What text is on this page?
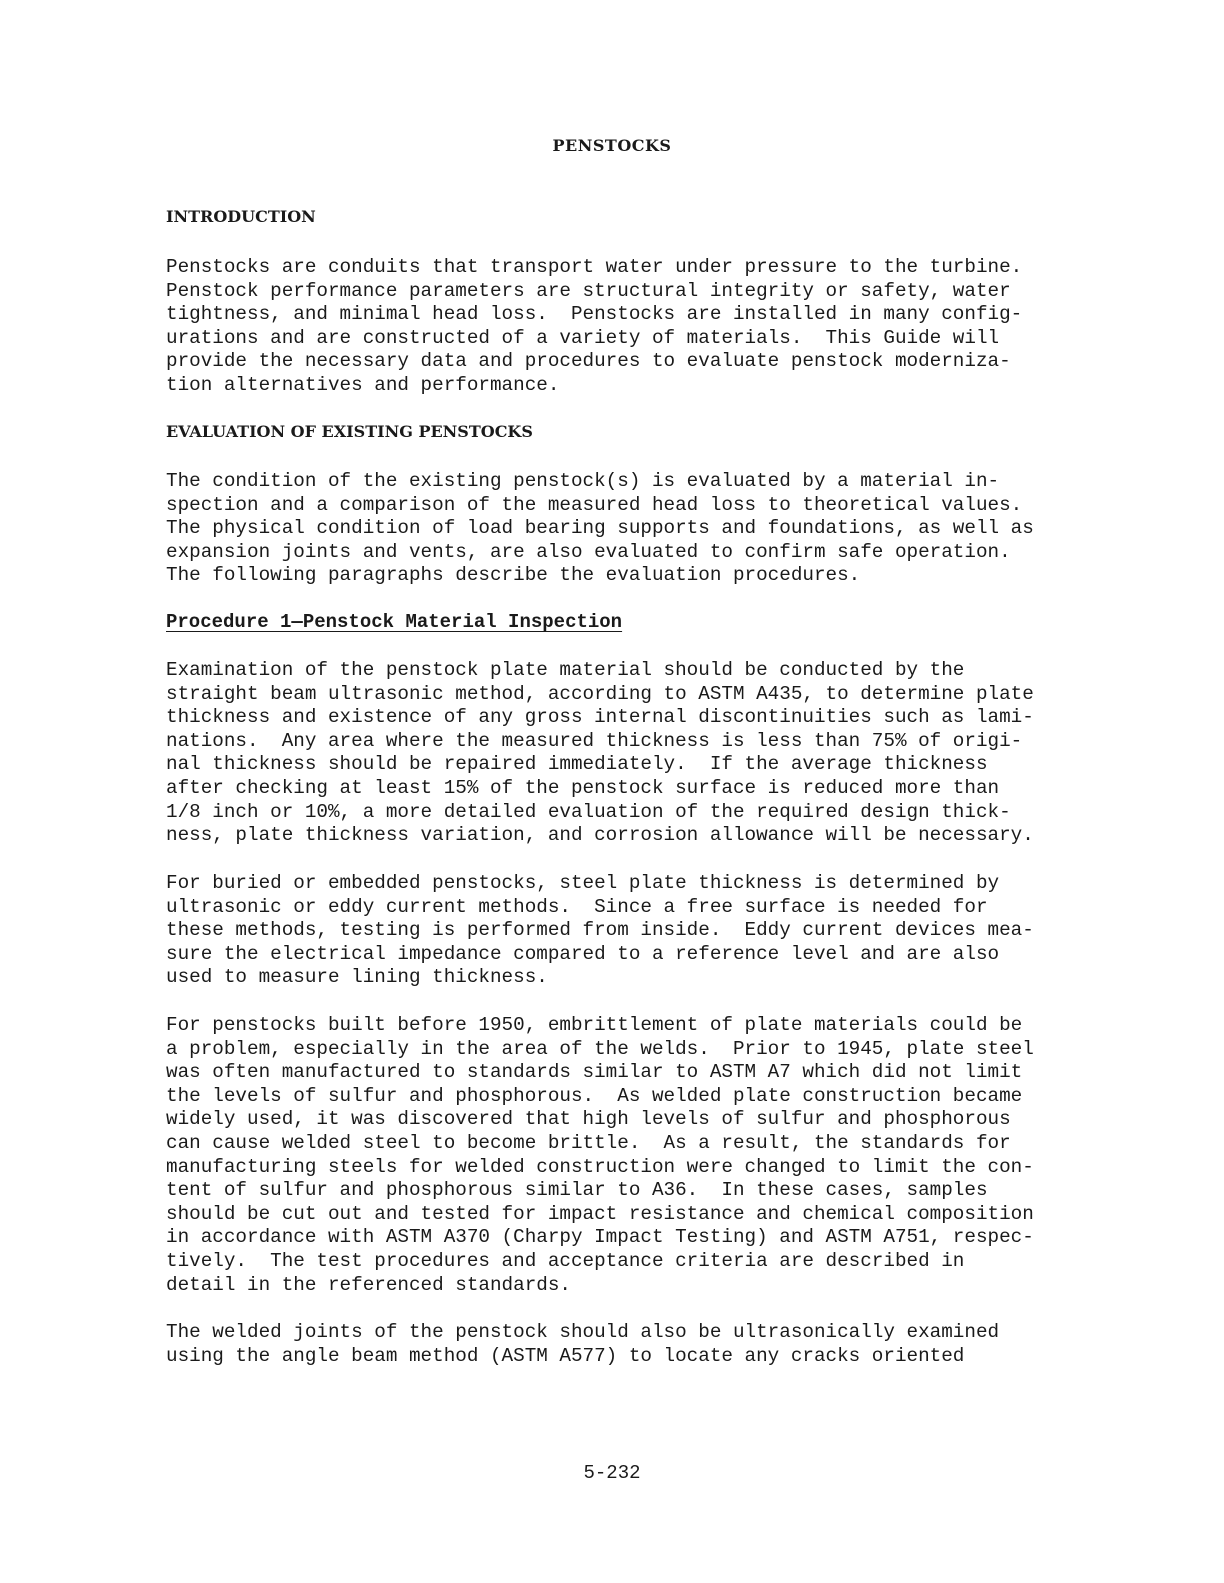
PENSTOCKS
INTRODUCTION
Penstocks are conduits that transport water under pressure to the turbine.
Penstock performance parameters are structural integrity or safety, water
tightness, and minimal head loss.  Penstocks are installed in many config-
urations and are constructed of a variety of materials.  This Guide will
provide the necessary data and procedures to evaluate penstock moderniza-
tion alternatives and performance.
EVALUATION OF EXISTING PENSTOCKS
The condition of the existing penstock(s) is evaluated by a material in-
spection and a comparison of the measured head loss to theoretical values.
The physical condition of load bearing supports and foundations, as well as
expansion joints and vents, are also evaluated to confirm safe operation.
The following paragraphs describe the evaluation procedures.
Procedure 1—Penstock Material Inspection
Examination of the penstock plate material should be conducted by the
straight beam ultrasonic method, according to ASTM A435, to determine plate
thickness and existence of any gross internal discontinuities such as lami-
nations.  Any area where the measured thickness is less than 75% of origi-
nal thickness should be repaired immediately.  If the average thickness
after checking at least 15% of the penstock surface is reduced more than
1/8 inch or 10%, a more detailed evaluation of the required design thick-
ness, plate thickness variation, and corrosion allowance will be necessary.
For buried or embedded penstocks, steel plate thickness is determined by
ultrasonic or eddy current methods.  Since a free surface is needed for
these methods, testing is performed from inside.  Eddy current devices mea-
sure the electrical impedance compared to a reference level and are also
used to measure lining thickness.
For penstocks built before 1950, embrittlement of plate materials could be
a problem, especially in the area of the welds.  Prior to 1945, plate steel
was often manufactured to standards similar to ASTM A7 which did not limit
the levels of sulfur and phosphorous.  As welded plate construction became
widely used, it was discovered that high levels of sulfur and phosphorous
can cause welded steel to become brittle.  As a result, the standards for
manufacturing steels for welded construction were changed to limit the con-
tent of sulfur and phosphorous similar to A36.  In these cases, samples
should be cut out and tested for impact resistance and chemical composition
in accordance with ASTM A370 (Charpy Impact Testing) and ASTM A751, respec-
tively.  The test procedures and acceptance criteria are described in
detail in the referenced standards.
The welded joints of the penstock should also be ultrasonically examined
using the angle beam method (ASTM A577) to locate any cracks oriented
5-232
